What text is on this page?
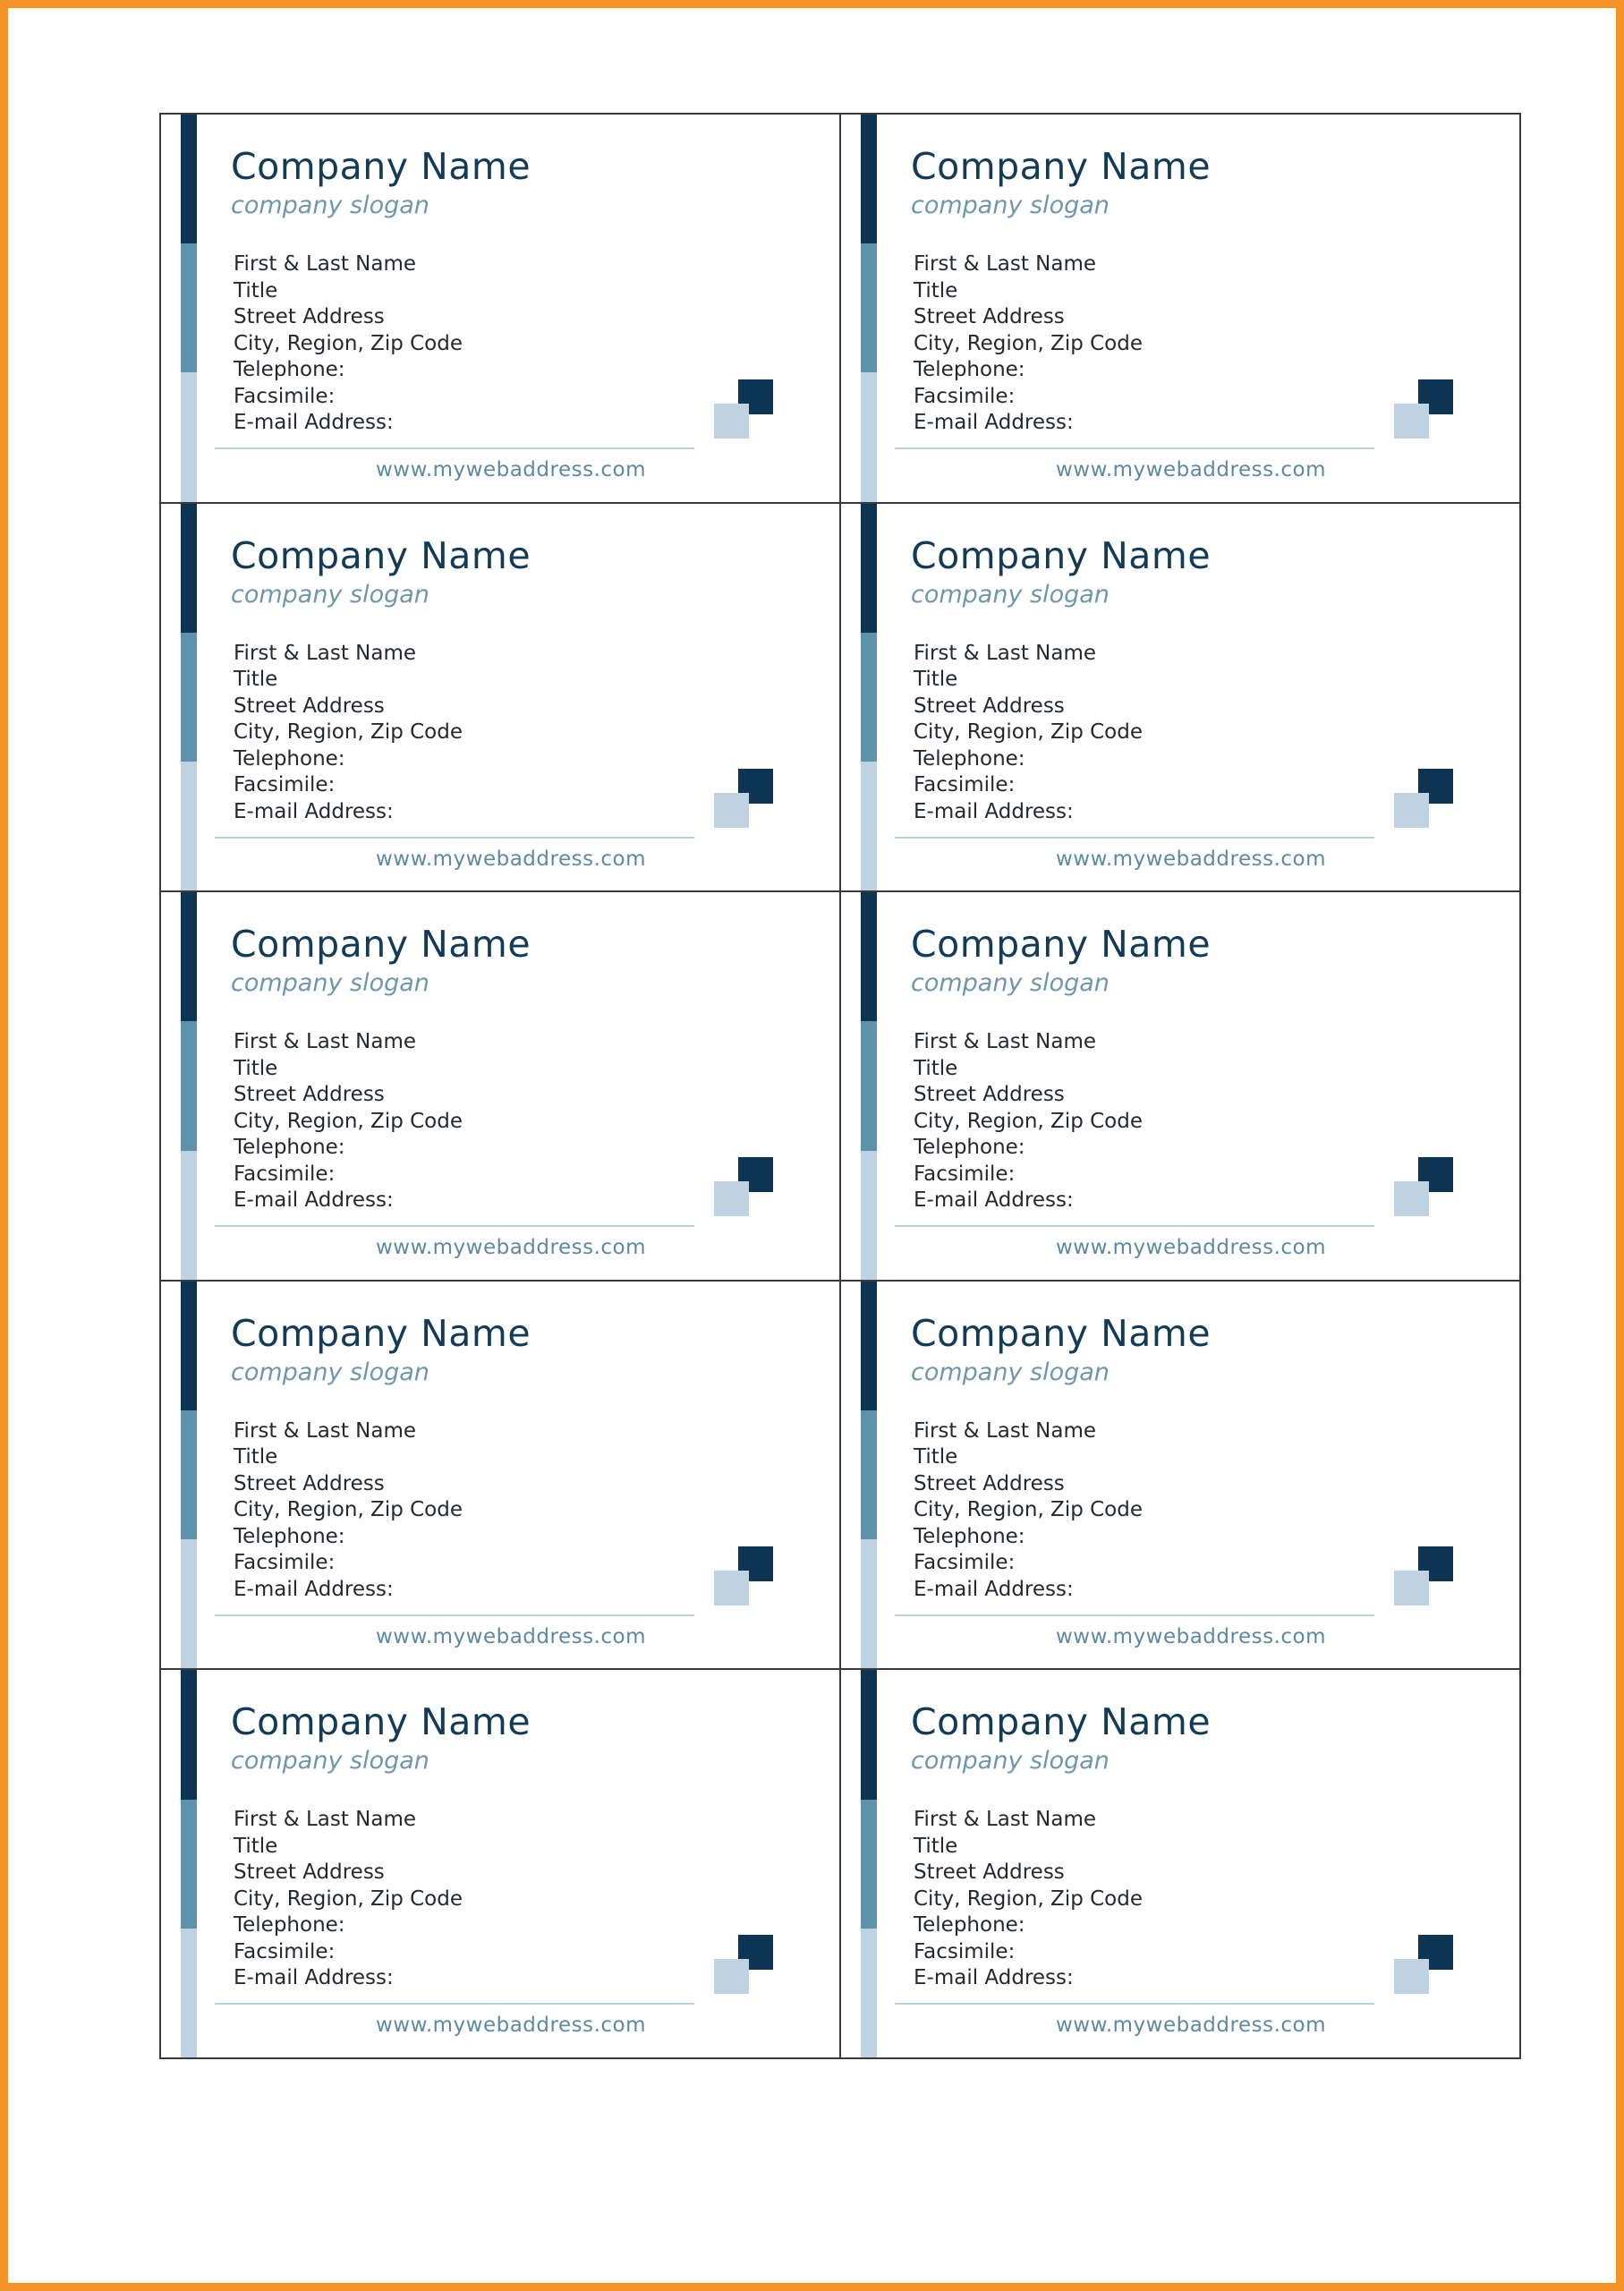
Company Name
company slogan
First & Last Name
Title
Street Address
City, Region, Zip Code
Telephone:
Facsimile:
E-mail Address:
www.mywebaddress.com
Company Name
company slogan
First & Last Name
Title
Street Address
City, Region, Zip Code
Telephone:
Facsimile:
E-mail Address:
www.mywebaddress.com
Company Name
company slogan
First & Last Name
Title
Street Address
City, Region, Zip Code
Telephone:
Facsimile:
E-mail Address:
www.mywebaddress.com
Company Name
company slogan
First & Last Name
Title
Street Address
City, Region, Zip Code
Telephone:
Facsimile:
E-mail Address:
www.mywebaddress.com
Company Name
company slogan
First & Last Name
Title
Street Address
City, Region, Zip Code
Telephone:
Facsimile:
E-mail Address:
www.mywebaddress.com
Company Name
company slogan
First & Last Name
Title
Street Address
City, Region, Zip Code
Telephone:
Facsimile:
E-mail Address:
www.mywebaddress.com
Company Name
company slogan
First & Last Name
Title
Street Address
City, Region, Zip Code
Telephone:
Facsimile:
E-mail Address:
www.mywebaddress.com
Company Name
company slogan
First & Last Name
Title
Street Address
City, Region, Zip Code
Telephone:
Facsimile:
E-mail Address:
www.mywebaddress.com
Company Name
company slogan
First & Last Name
Title
Street Address
City, Region, Zip Code
Telephone:
Facsimile:
E-mail Address:
www.mywebaddress.com
Company Name
company slogan
First & Last Name
Title
Street Address
City, Region, Zip Code
Telephone:
Facsimile:
E-mail Address:
www.mywebaddress.com
